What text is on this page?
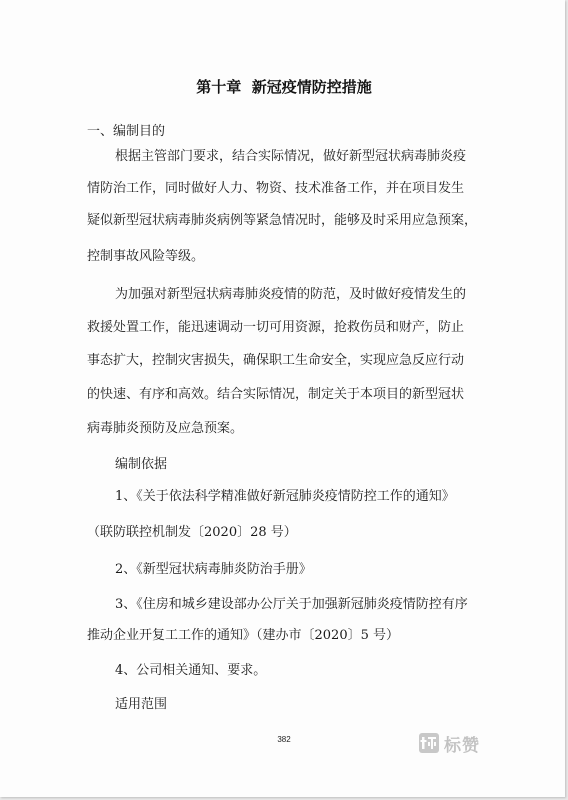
第十章  新冠疫情防控措施
一、编制目的
根据主管部门要求，结合实际情况，做好新型冠状病毒肺炎疫
情防治工作，同时做好人力、物资、技术准备工作，并在项目发生
疑似新型冠状病毒肺炎病例等紧急情况时，能够及时采用应急预案，
控制事故风险等级。
为加强对新型冠状病毒肺炎疫情的防范，及时做好疫情发生的
救援处置工作，能迅速调动一切可用资源，抢救伤员和财产，防止
事态扩大，控制灾害损失，确保职工生命安全，实现应急反应行动
的快速、有序和高效。结合实际情况，制定关于本项目的新型冠状
病毒肺炎预防及应急预案。
编制依据
1、《关于依法科学精准做好新冠肺炎疫情防控工作的通知》
（联防联控机制发〔2020〕28 号）
2、《新型冠状病毒肺炎防治手册》
3、《住房和城乡建设部办公厅关于加强新冠肺炎疫情防控有序
推动企业开复工工作的通知》（建办市〔2020〕5 号）
4、公司相关通知、要求。
适用范围
382	标赞
